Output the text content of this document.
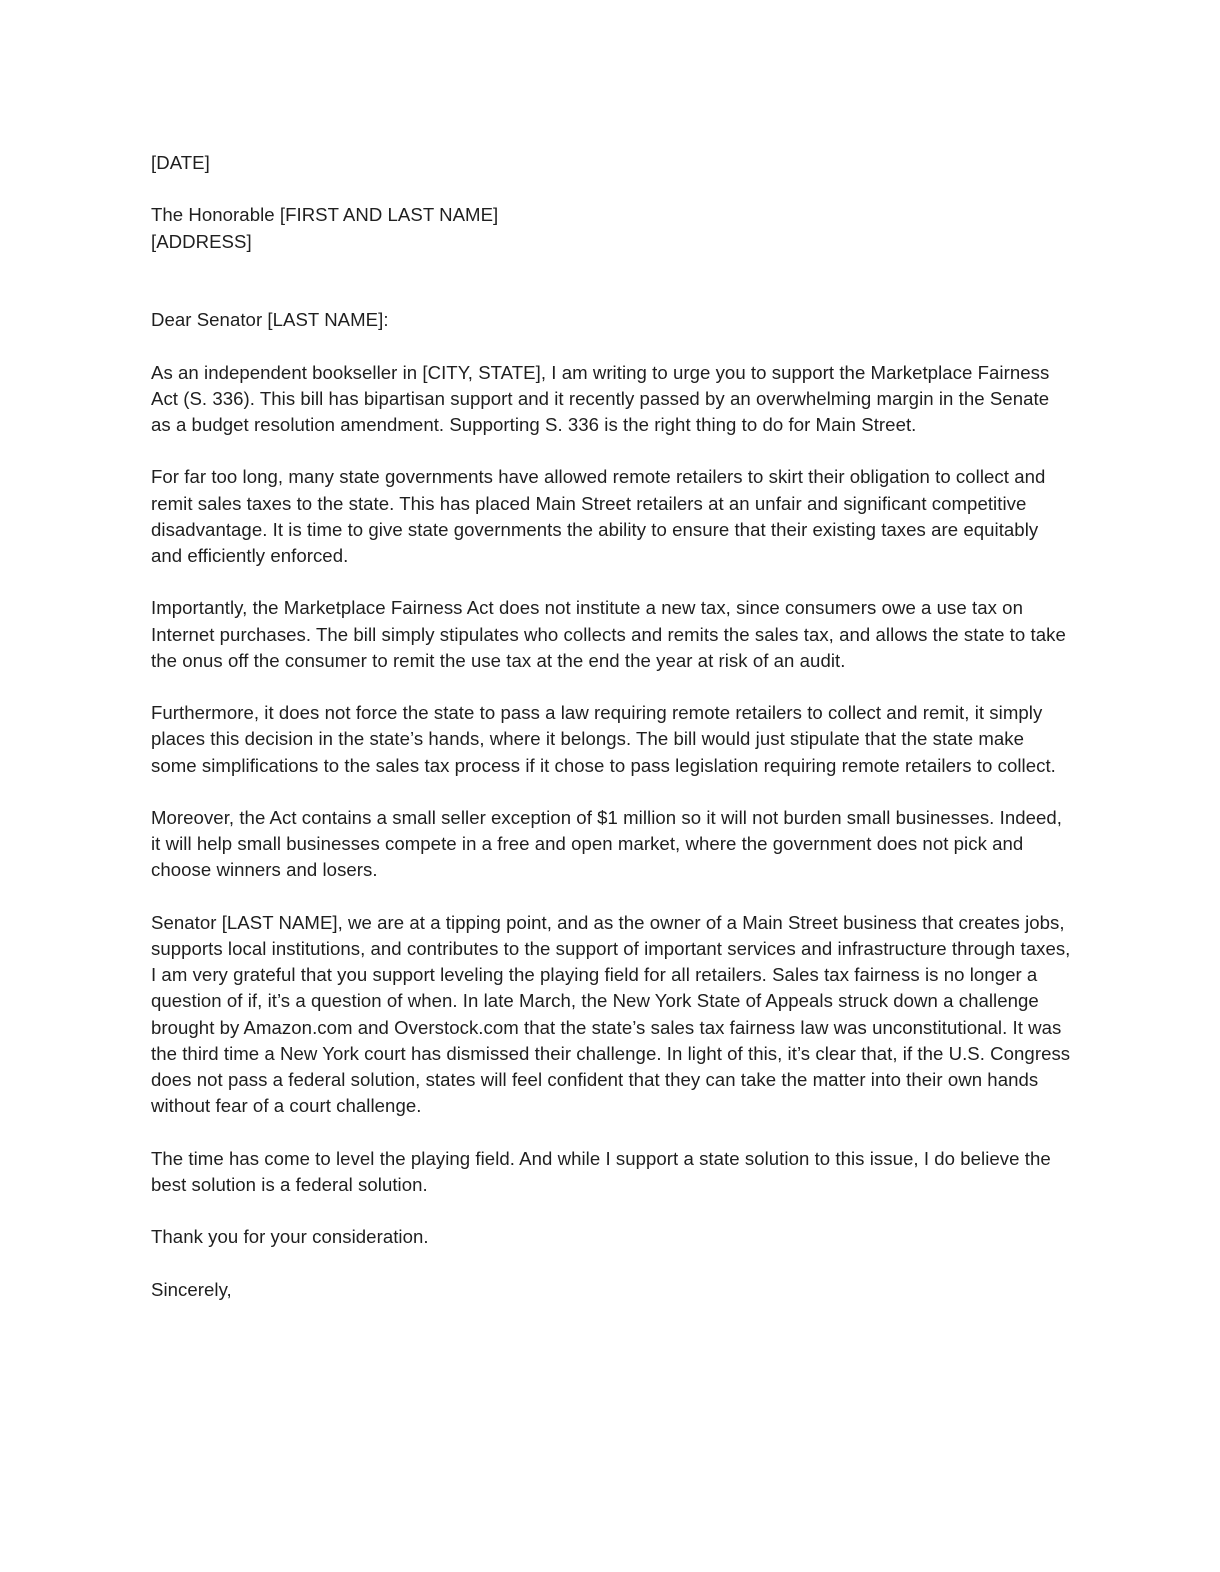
[DATE]

The Honorable [FIRST AND LAST NAME]

[ADDRESS]

Dear Senator [LAST NAME]:

As an independent bookseller in [CITY, STATE], I am writing to urge you to support the Marketplace Fairness Act (S. 336). This bill has bipartisan support and it recently passed by an overwhelming margin in the Senate as a budget resolution amendment. Supporting S. 336 is the right thing to do for Main Street.

For far too long, many state governments have allowed remote retailers to skirt their obligation to collect and remit sales taxes to the state. This has placed Main Street retailers at an unfair and significant competitive disadvantage. It is time to give state governments the ability to ensure that their existing taxes are equitably and efficiently enforced.

Importantly, the Marketplace Fairness Act does not institute a new tax, since consumers owe a use tax on Internet purchases. The bill simply stipulates who collects and remits the sales tax, and allows the state to take the onus off the consumer to remit the use tax at the end the year at risk of an audit.

Furthermore, it does not force the state to pass a law requiring remote retailers to collect and remit, it simply places this decision in the state’s hands, where it belongs. The bill would just stipulate that the state make some simplifications to the sales tax process if it chose to pass legislation requiring remote retailers to collect.

Moreover, the Act contains a small seller exception of $1 million so it will not burden small businesses. Indeed, it will help small businesses compete in a free and open market, where the government does not pick and choose winners and losers.

Senator [LAST NAME], we are at a tipping point, and as the owner of a Main Street business that creates jobs, supports local institutions, and contributes to the support of important services and infrastructure through taxes, I am very grateful that you support leveling the playing field for all retailers. Sales tax fairness is no longer a question of if, it’s a question of when. In late March, the New York State of Appeals struck down a challenge brought by Amazon.com and Overstock.com that the state’s sales tax fairness law was unconstitutional. It was the third time a New York court has dismissed their challenge. In light of this, it’s clear that, if the U.S. Congress does not pass a federal solution, states will feel confident that they can take the matter into their own hands without fear of a court challenge.

The time has come to level the playing field. And while I support a state solution to this issue, I do believe the best solution is a federal solution.

Thank you for your consideration.

Sincerely,
